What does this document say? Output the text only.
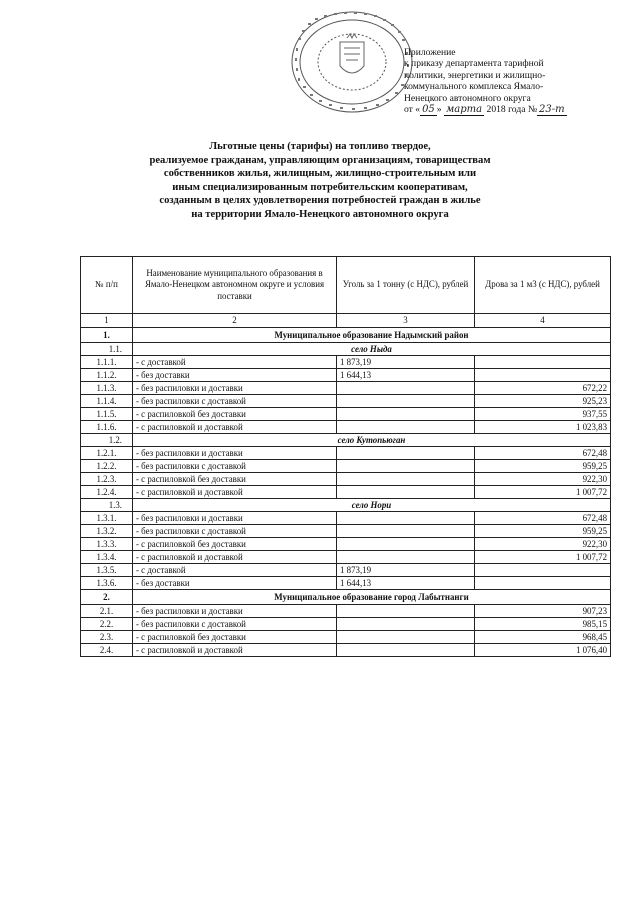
Приложение
к приказу департамента тарифной
политики, энергетики и жилищно-
коммунального комплекса Ямало-
Ненецкого автономного округа
от « 05 » марта 2018 года № 23-т
Льготные цены (тарифы) на топливо твердое,
реализуемое гражданам, управляющим организациям, товариществам
собственников жилья, жилищным, жилищно-строительным или
иным специализированным потребительским кооперативам,
созданным в целях удовлетворения потребностей граждан в жилье
на территории Ямало-Ненецкого автономного округа
№ п/п	Наименование муниципального образования в Ямало-Ненецком автономном округе и условия поставки	Уголь за 1 тонну (с НДС), рублей	Дрова за 1 м3 (с НДС), рублей
1	2	3	4
1.	Муниципальное образование Надымский район		
1.1.	село Ныда		
1.1.1.	- с доставкой	1 873,19	
1.1.2.	- без доставки	1 644,13	
1.1.3.	- без распиловки и доставки		672,22
1.1.4.	- без распиловки с доставкой		925,23
1.1.5.	- с распиловкой без доставки		937,55
1.1.6.	- с распиловкой и доставкой		1 023,83
1.2.	село Кутопьюган		
1.2.1.	- без распиловки и доставки		672,48
1.2.2.	- без распиловки с доставкой		959,25
1.2.3.	- с распиловкой без доставки		922,30
1.2.4.	- с распиловкой и доставкой		1 007,72
1.3.	село Нори		
1.3.1.	- без распиловки и доставки		672,48
1.3.2.	- без распиловки с доставкой		959,25
1.3.3.	- с распиловкой без доставки		922,30
1.3.4.	- с распиловкой и доставкой		1 007,72
1.3.5.	- с доставкой	1 873,19	
1.3.6.	- без доставки	1 644,13	
2.	Муниципальное образование город Лабытнанги		
2.1.	- без распиловки и доставки		907,23
2.2.	- без распиловки с доставкой		985,15
2.3.	- с распиловкой без доставки		968,45
2.4.	- с распиловкой и доставкой		1 076,40
